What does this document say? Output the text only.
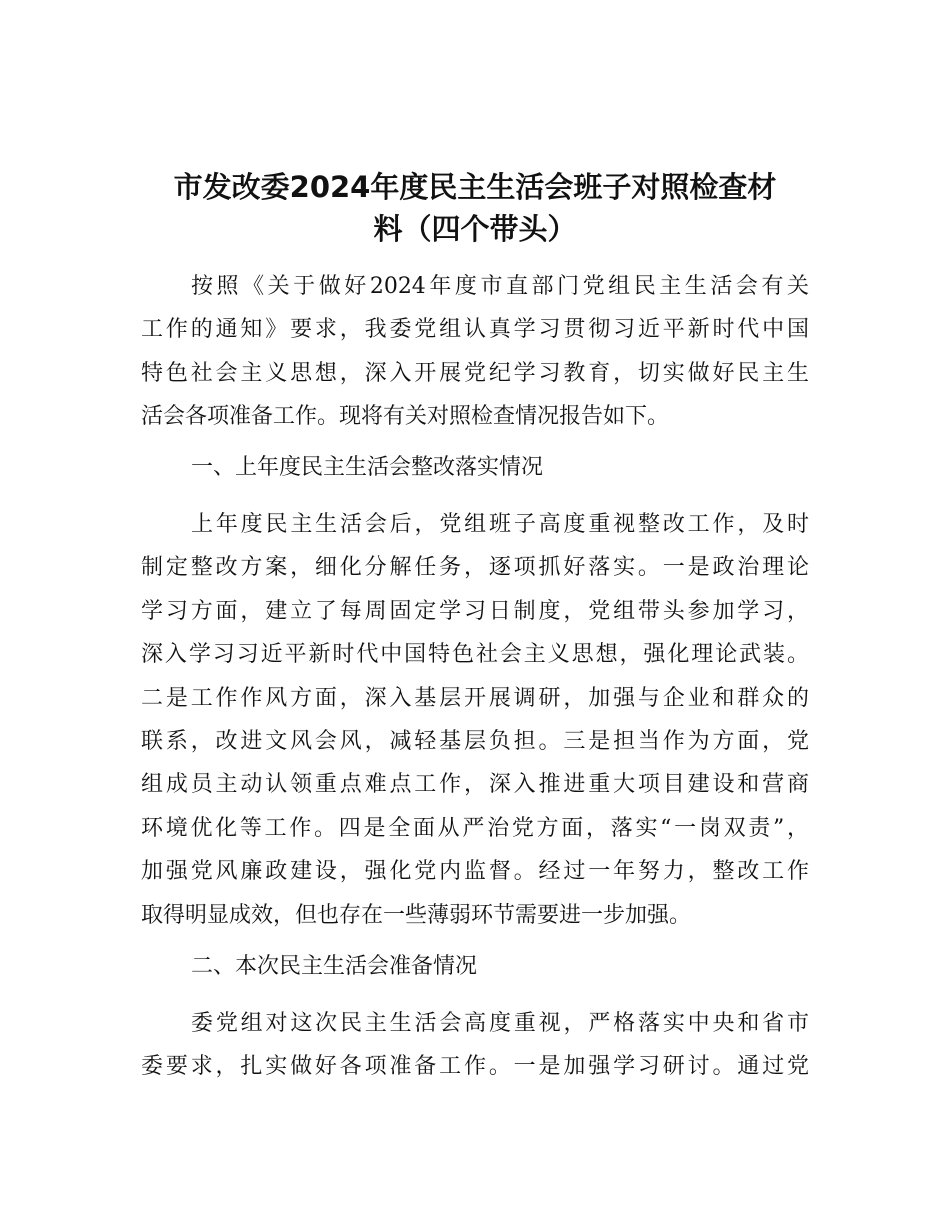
市发改委2024年度民主生活会班子对照检查材
料（四个带头）
按照《关于做好2024年度市直部门党组民主生活会有关
工作的通知》要求，我委党组认真学习贯彻习近平新时代中国
特色社会主义思想，深入开展党纪学习教育，切实做好民主生
活会各项准备工作。现将有关对照检查情况报告如下。
一、上年度民主生活会整改落实情况
上年度民主生活会后，党组班子高度重视整改工作，及时
制定整改方案，细化分解任务，逐项抓好落实。一是政治理论
学习方面，建立了每周固定学习日制度，党组带头参加学习，
深入学习习近平新时代中国特色社会主义思想，强化理论武装。
二是工作作风方面，深入基层开展调研，加强与企业和群众的
联系，改进文风会风，减轻基层负担。三是担当作为方面，党
组成员主动认领重点难点工作，深入推进重大项目建设和营商
环境优化等工作。四是全面从严治党方面，落实“一岗双责”，
加强党风廉政建设，强化党内监督。经过一年努力，整改工作
取得明显成效，但也存在一些薄弱环节需要进一步加强。
二、本次民主生活会准备情况
委党组对这次民主生活会高度重视，严格落实中央和省市
委要求，扎实做好各项准备工作。一是加强学习研讨。通过党
